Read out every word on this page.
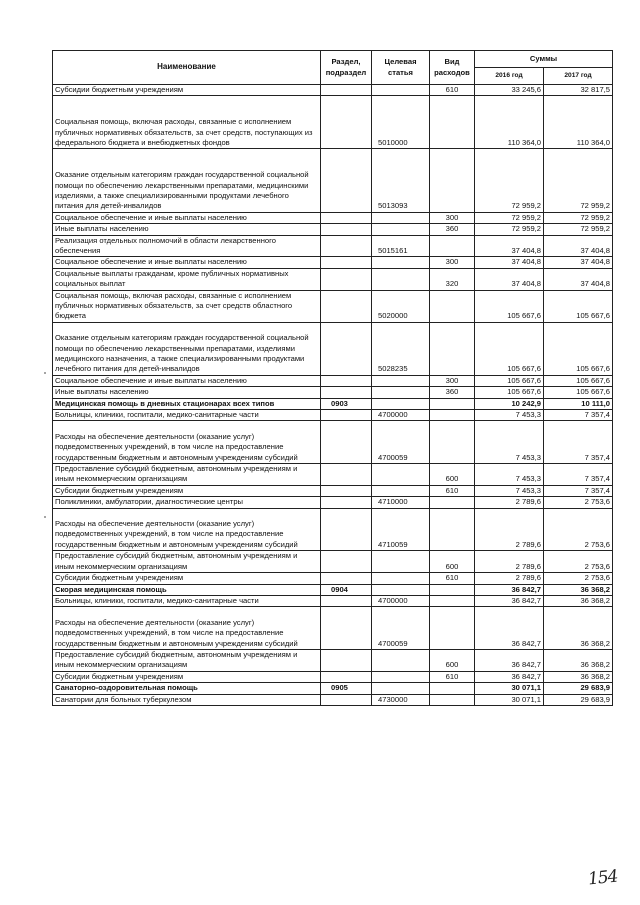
Наименование	Раздел, подраздел	Целевая статья	Вид расходов	Суммы	
				2016 год	2017 год
Субсидии бюджетным учреждениям			610	33 245,6	32 817,5
Социальная помощь, включая расходы, связанные с исполнением публичных нормативных обязательств, за счет средств, поступающих из федерального бюджета и внебюджетных фондов		5010000		110 364,0	110 364,0
Оказание отдельным категориям граждан государственной социальной помощи по обеспечению лекарственными препаратами, медицинскими изделиями, а также специализированными продуктами лечебного питания для детей-инвалидов		5013093		72 959,2	72 959,2
Социальное обеспечение и иные выплаты населению			300	72 959,2	72 959,2
Иные выплаты населению			360	72 959,2	72 959,2
Реализация отдельных полномочий в области лекарственного обеспечения		5015161		37 404,8	37 404,8
Социальное обеспечение и иные выплаты населению			300	37 404,8	37 404,8
Социальные выплаты гражданам, кроме публичных нормативных социальных выплат			320	37 404,8	37 404,8
Социальная помощь, включая расходы, связанные с исполнением публичных нормативных обязательств, за счет средств областного бюджета		5020000		105 667,6	105 667,6
Оказание отдельным категориям граждан государственной социальной помощи по обеспечению лекарственными препаратами, изделиями медицинского назначения, а также специализированными продуктами лечебного питания для детей-инвалидов		5028235		105 667,6	105 667,6
Социальное обеспечение и иные выплаты населению			300	105 667,6	105 667,6
Иные выплаты населению			360	105 667,6	105 667,6
Медицинская помощь в дневных стационарах всех типов	0903			10 242,9	10 111,0
Больницы, клиники, госпитали, медико-санитарные части		4700000		7 453,3	7 357,4
Расходы на обеспечение деятельности (оказание услуг) подведомственных учреждений, в том числе на предоставление государственным бюджетным и автономным учреждениям субсидий		4700059		7 453,3	7 357,4
Предоставление субсидий бюджетным, автономным учреждениям и иным некоммерческим организациям			600	7 453,3	7 357,4
Субсидии бюджетным учреждениям			610	7 453,3	7 357,4
Поликлиники, амбулатории, диагностические центры		4710000		2 789,6	2 753,6
Расходы на обеспечение деятельности (оказание услуг) подведомственных учреждений, в том числе на предоставление государственным бюджетным и автономным учреждениям субсидий		4710059		2 789,6	2 753,6
Предоставление субсидий бюджетным, автономным учреждениям и иным некоммерческим организациям			600	2 789,6	2 753,6
Субсидии бюджетным учреждениям			610	2 789,6	2 753,6
Скорая медицинская помощь	0904			36 842,7	36 368,2
Больницы, клиники, госпитали, медико-санитарные части		4700000		36 842,7	36 368,2
Расходы на обеспечение деятельности (оказание услуг) подведомственных учреждений, в том числе на предоставление государственным бюджетным и автономным учреждениям субсидий		4700059		36 842,7	36 368,2
Предоставление субсидий бюджетным, автономным учреждениям и иным некоммерческим организациям			600	36 842,7	36 368,2
Субсидии бюджетным учреждениям			610	36 842,7	36 368,2
Санаторно-оздоровительная помощь	0905			30 071,1	29 683,9
Санатории для больных туберкулезом		4730000		30 071,1	29 683,9
154
